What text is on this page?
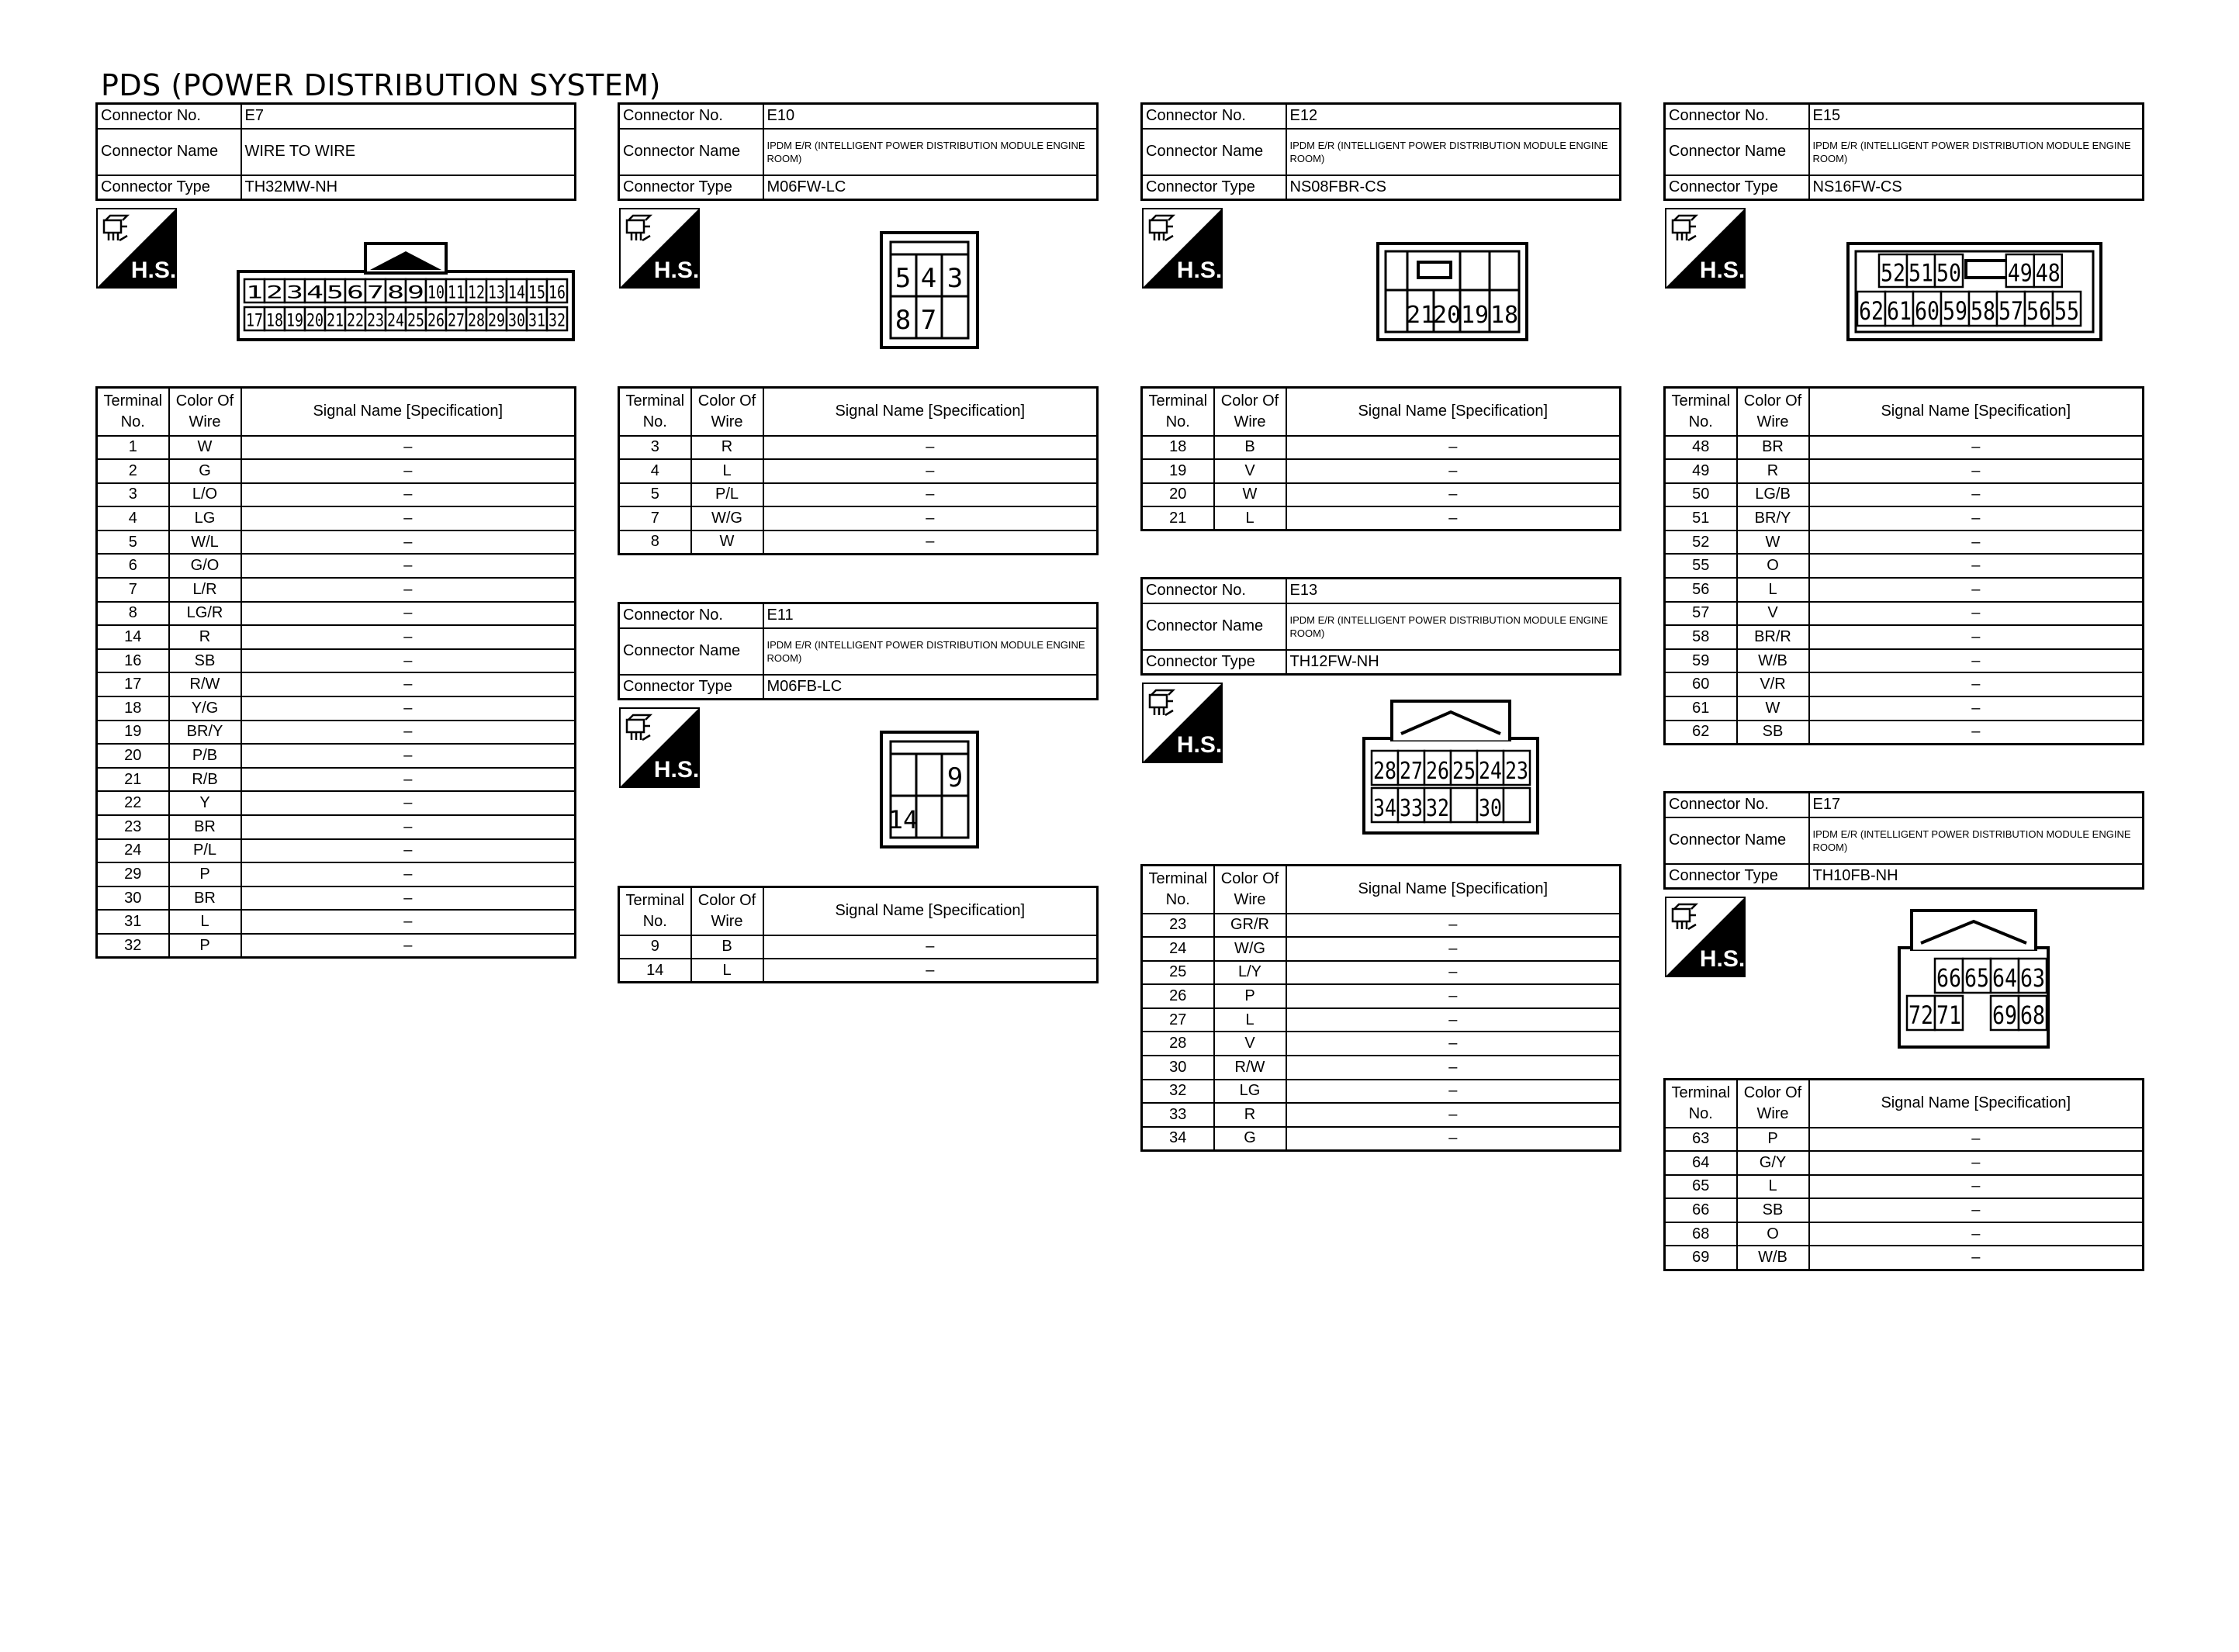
PDS (POWER DISTRIBUTION SYSTEM)
Connector No.	E7
Connector Name	WIRE TO WIRE
Connector Type	TH32MW-NH
Terminal No.	Color Of Wire	Signal Name [Specification]
1	W	–
2	G	–
3	L/O	–
4	LG	–
5	W/L	–
6	G/O	–
7	L/R	–
8	LG/R	–
14	R	–
16	SB	–
17	R/W	–
18	Y/G	–
19	BR/Y	–
20	P/B	–
21	R/B	–
22	Y	–
23	BR	–
24	P/L	–
29	P	–
30	BR	–
31	L	–
32	P	–
H.S.
1 2 3 4 5 6 7 8 9 10 11 12 13 14 15 16
17 18 19 20 21 22 23 24 25 26 27 28 29 30 31 32
Connector No.	E10
Connector Name	IPDM E/R (INTELLIGENT POWER DISTRIBUTION MODULE ENGINE ROOM)
Connector Type	M06FW-LC
H.S.	5 4 3
8 7
Terminal No.	Color Of Wire	Signal Name [Specification]
3	R	–
4	L	–
5	P/L	–
7	W/G	–
8	W	–
Connector No.	E11
Connector Name	IPDM E/R (INTELLIGENT POWER DISTRIBUTION MODULE ENGINE ROOM)
Connector Type	M06FB-LC
H.S.	9
14
Terminal No.	Color Of Wire	Signal Name [Specification]
9	B	–
14	L	–
Connector No.	E12
Connector Name	IPDM E/R (INTELLIGENT POWER DISTRIBUTION MODULE ENGINE ROOM)
Connector Type	NS08FBR-CS
H.S.
21
20 19 18
Terminal No.	Color Of Wire	Signal Name [Specification]
18	B	–
19	V	–
20	W	–
21	L	–
Connector No.	E13
Connector Name	IPDM E/R (INTELLIGENT POWER DISTRIBUTION MODULE ENGINE ROOM)
Connector Type	TH12FW-NH
H.S.
28 27 26 25 24 23
34 33 32 30
Terminal No.	Color Of Wire	Signal Name [Specification]
23	GR/R	–
24	W/G	–
25	L/Y	–
26	P	–
27	L	–
28	V	–
30	R/W	–
32	LG	–
33	R	–
34	G	–
Connector No.	E15
Connector Name	IPDM E/R (INTELLIGENT POWER DISTRIBUTION MODULE ENGINE ROOM)
Connector Type	NS16FW-CS
H.S.	52 51 50 49 48
62 61 60 59 58 57 56 55
Terminal No.	Color Of Wire	Signal Name [Specification]
48	BR	–
49	R	–
50	LG/B	–
51	BR/Y	–
52	W	–
55	O	–
56	L	–
57	V	–
58	BR/R	–
59	W/B	–
60	V/R	–
61	W	–
62	SB	–
Connector No.	E17
Connector Name	IPDM E/R (INTELLIGENT POWER DISTRIBUTION MODULE ENGINE ROOM)
Connector Type	TH10FB-NH
H.S.
66 65 64 63
72 71 69 68
Terminal No.	Color Of Wire	Signal Name [Specification]
63	P	–
64	G/Y	–
65	L	–
66	SB	–
68	O	–
69	W/B	–
